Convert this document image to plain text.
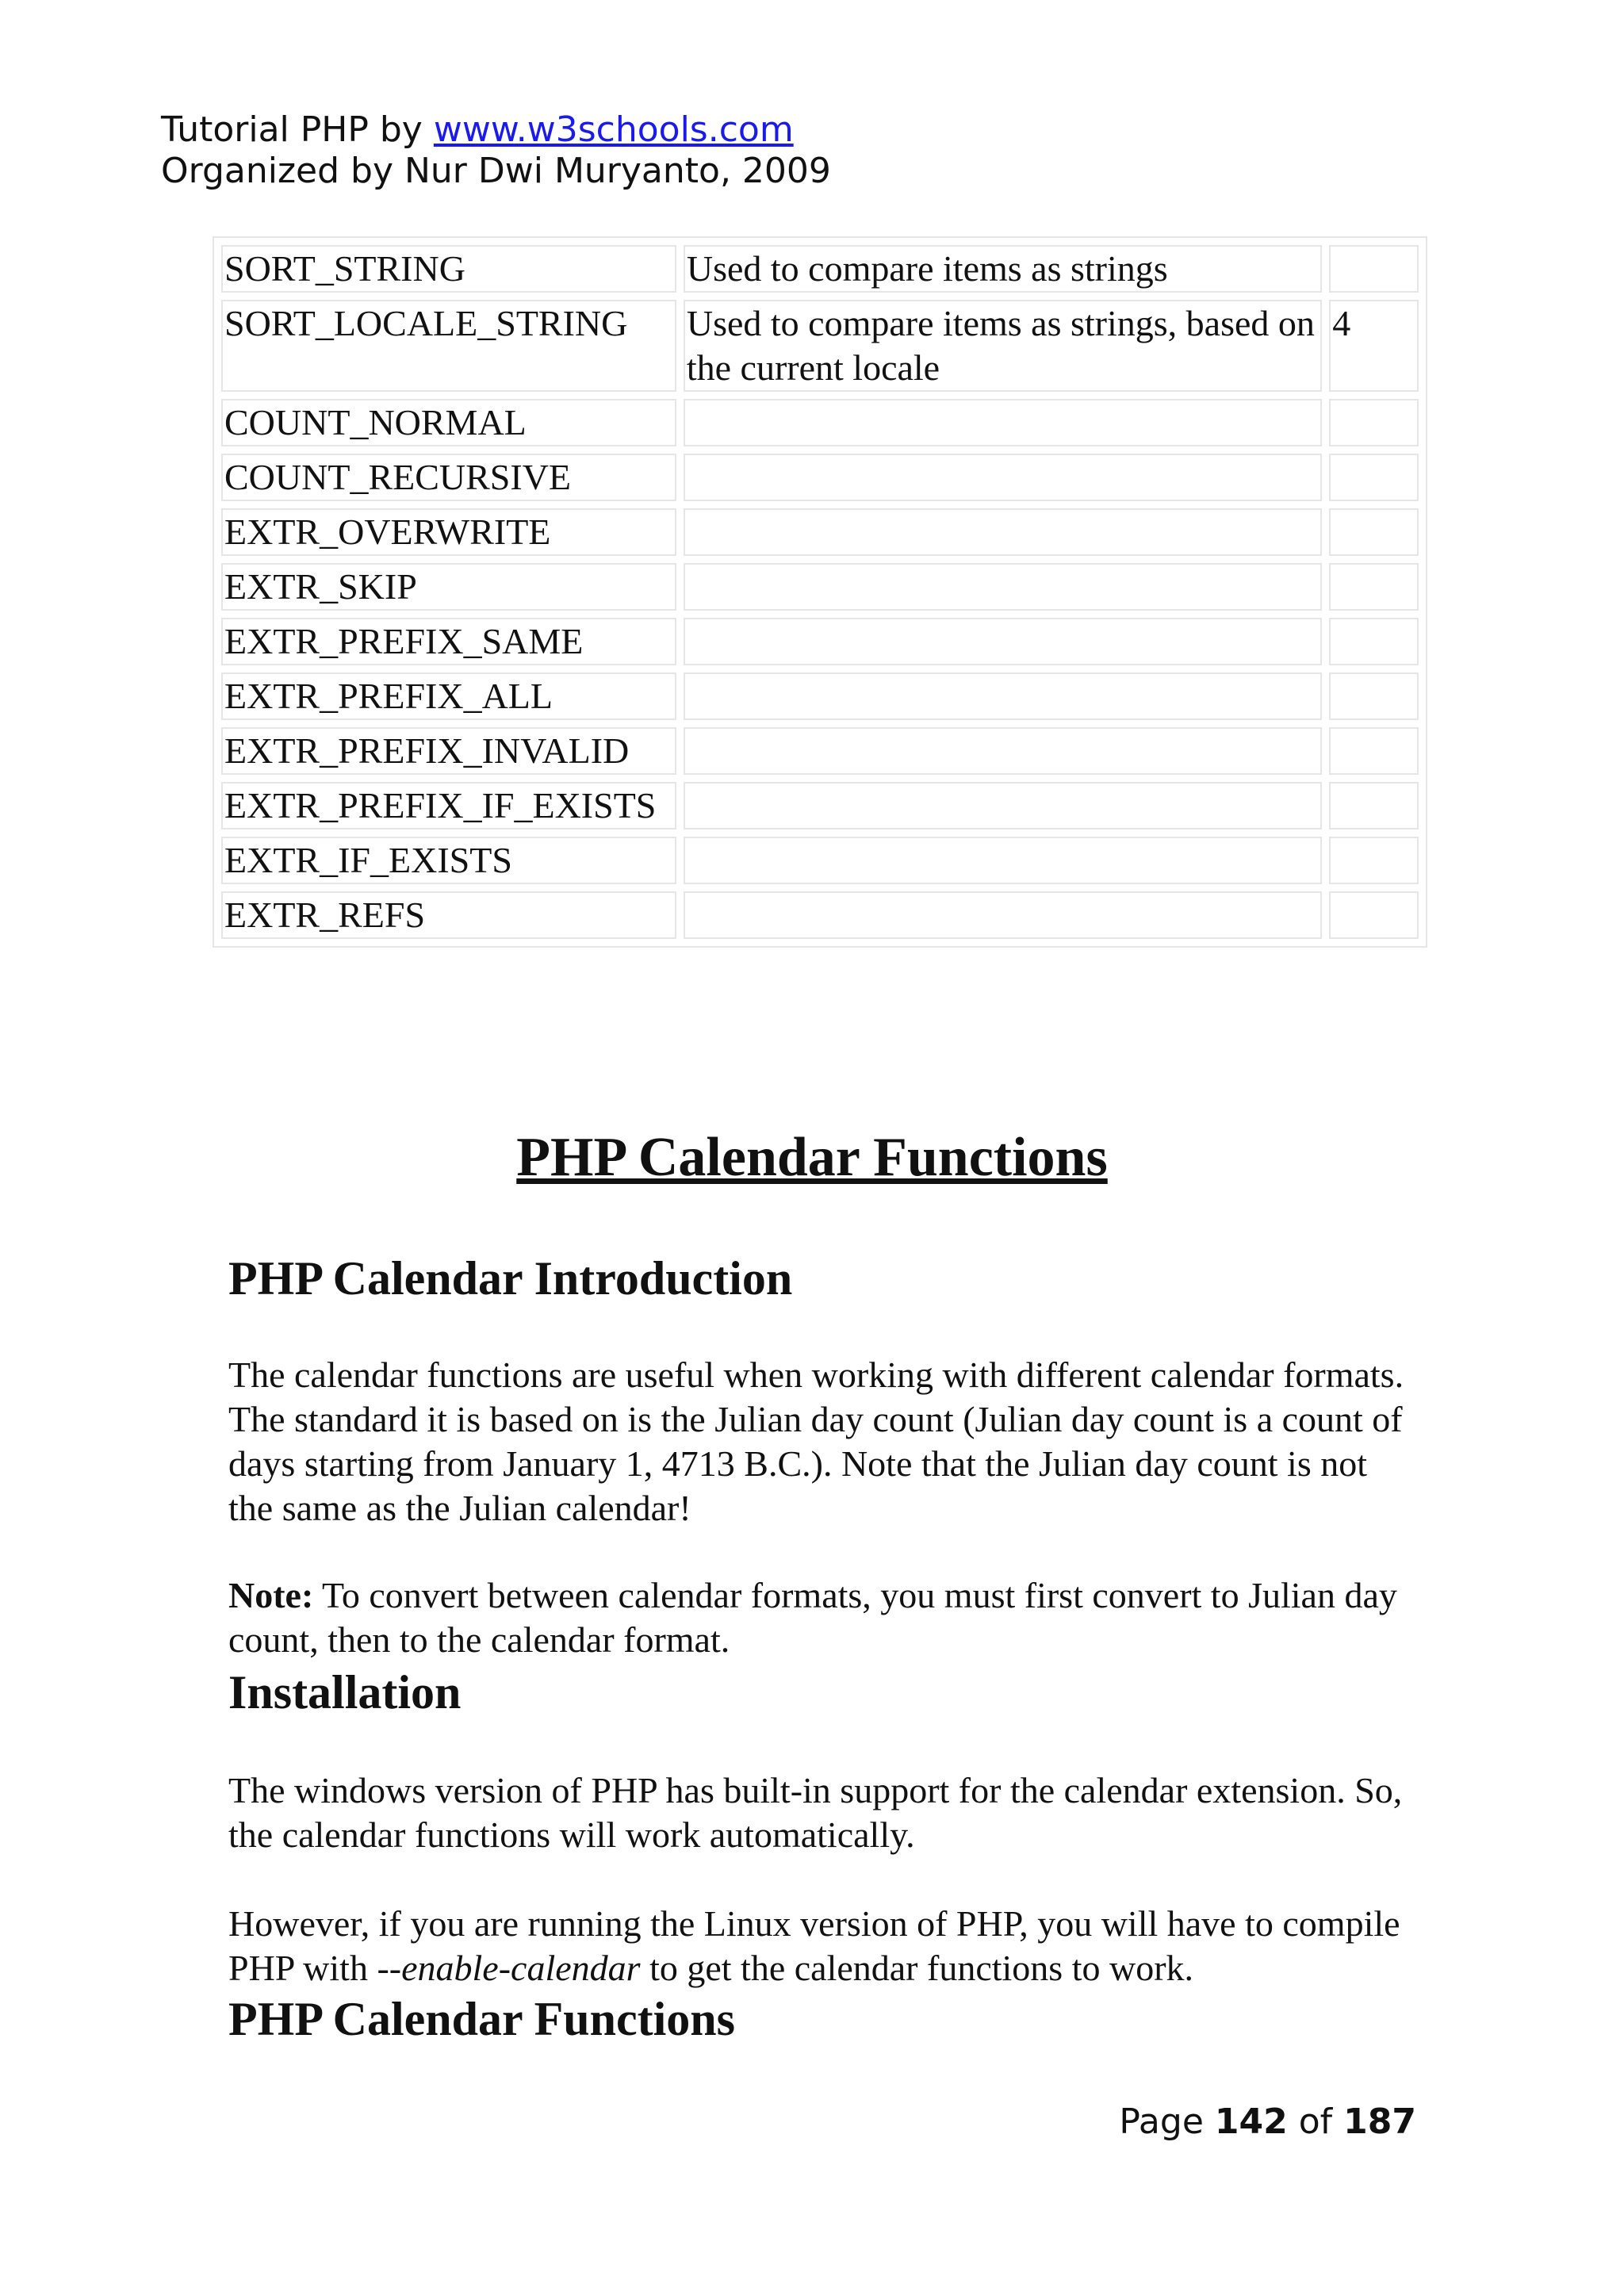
Tutorial PHP by www.w3schools.com
Organized by Nur Dwi Muryanto, 2009
SORT_STRING	Used to compare items as strings	
SORT_LOCALE_STRING	Used to compare items as strings, based on the current locale	4
COUNT_NORMAL		
COUNT_RECURSIVE		
EXTR_OVERWRITE		
EXTR_SKIP		
EXTR_PREFIX_SAME		
EXTR_PREFIX_ALL		
EXTR_PREFIX_INVALID		
EXTR_PREFIX_IF_EXISTS		
EXTR_IF_EXISTS		
EXTR_REFS		
PHP Calendar Functions
PHP Calendar Introduction

The calendar functions are useful when working with different calendar formats. The standard it is based on is the Julian day count (Julian day count is a count of days starting from January 1, 4713 B.C.). Note that the Julian day count is not the same as the Julian calendar!

Note: To convert between calendar formats, you must first convert to Julian day count, then to the calendar format.

Installation

The windows version of PHP has built-in support for the calendar extension. So, the calendar functions will work automatically.

However, if you are running the Linux version of PHP, you will have to compile PHP with --enable-calendar to get the calendar functions to work.

PHP Calendar Functions
Page 142 of 187
